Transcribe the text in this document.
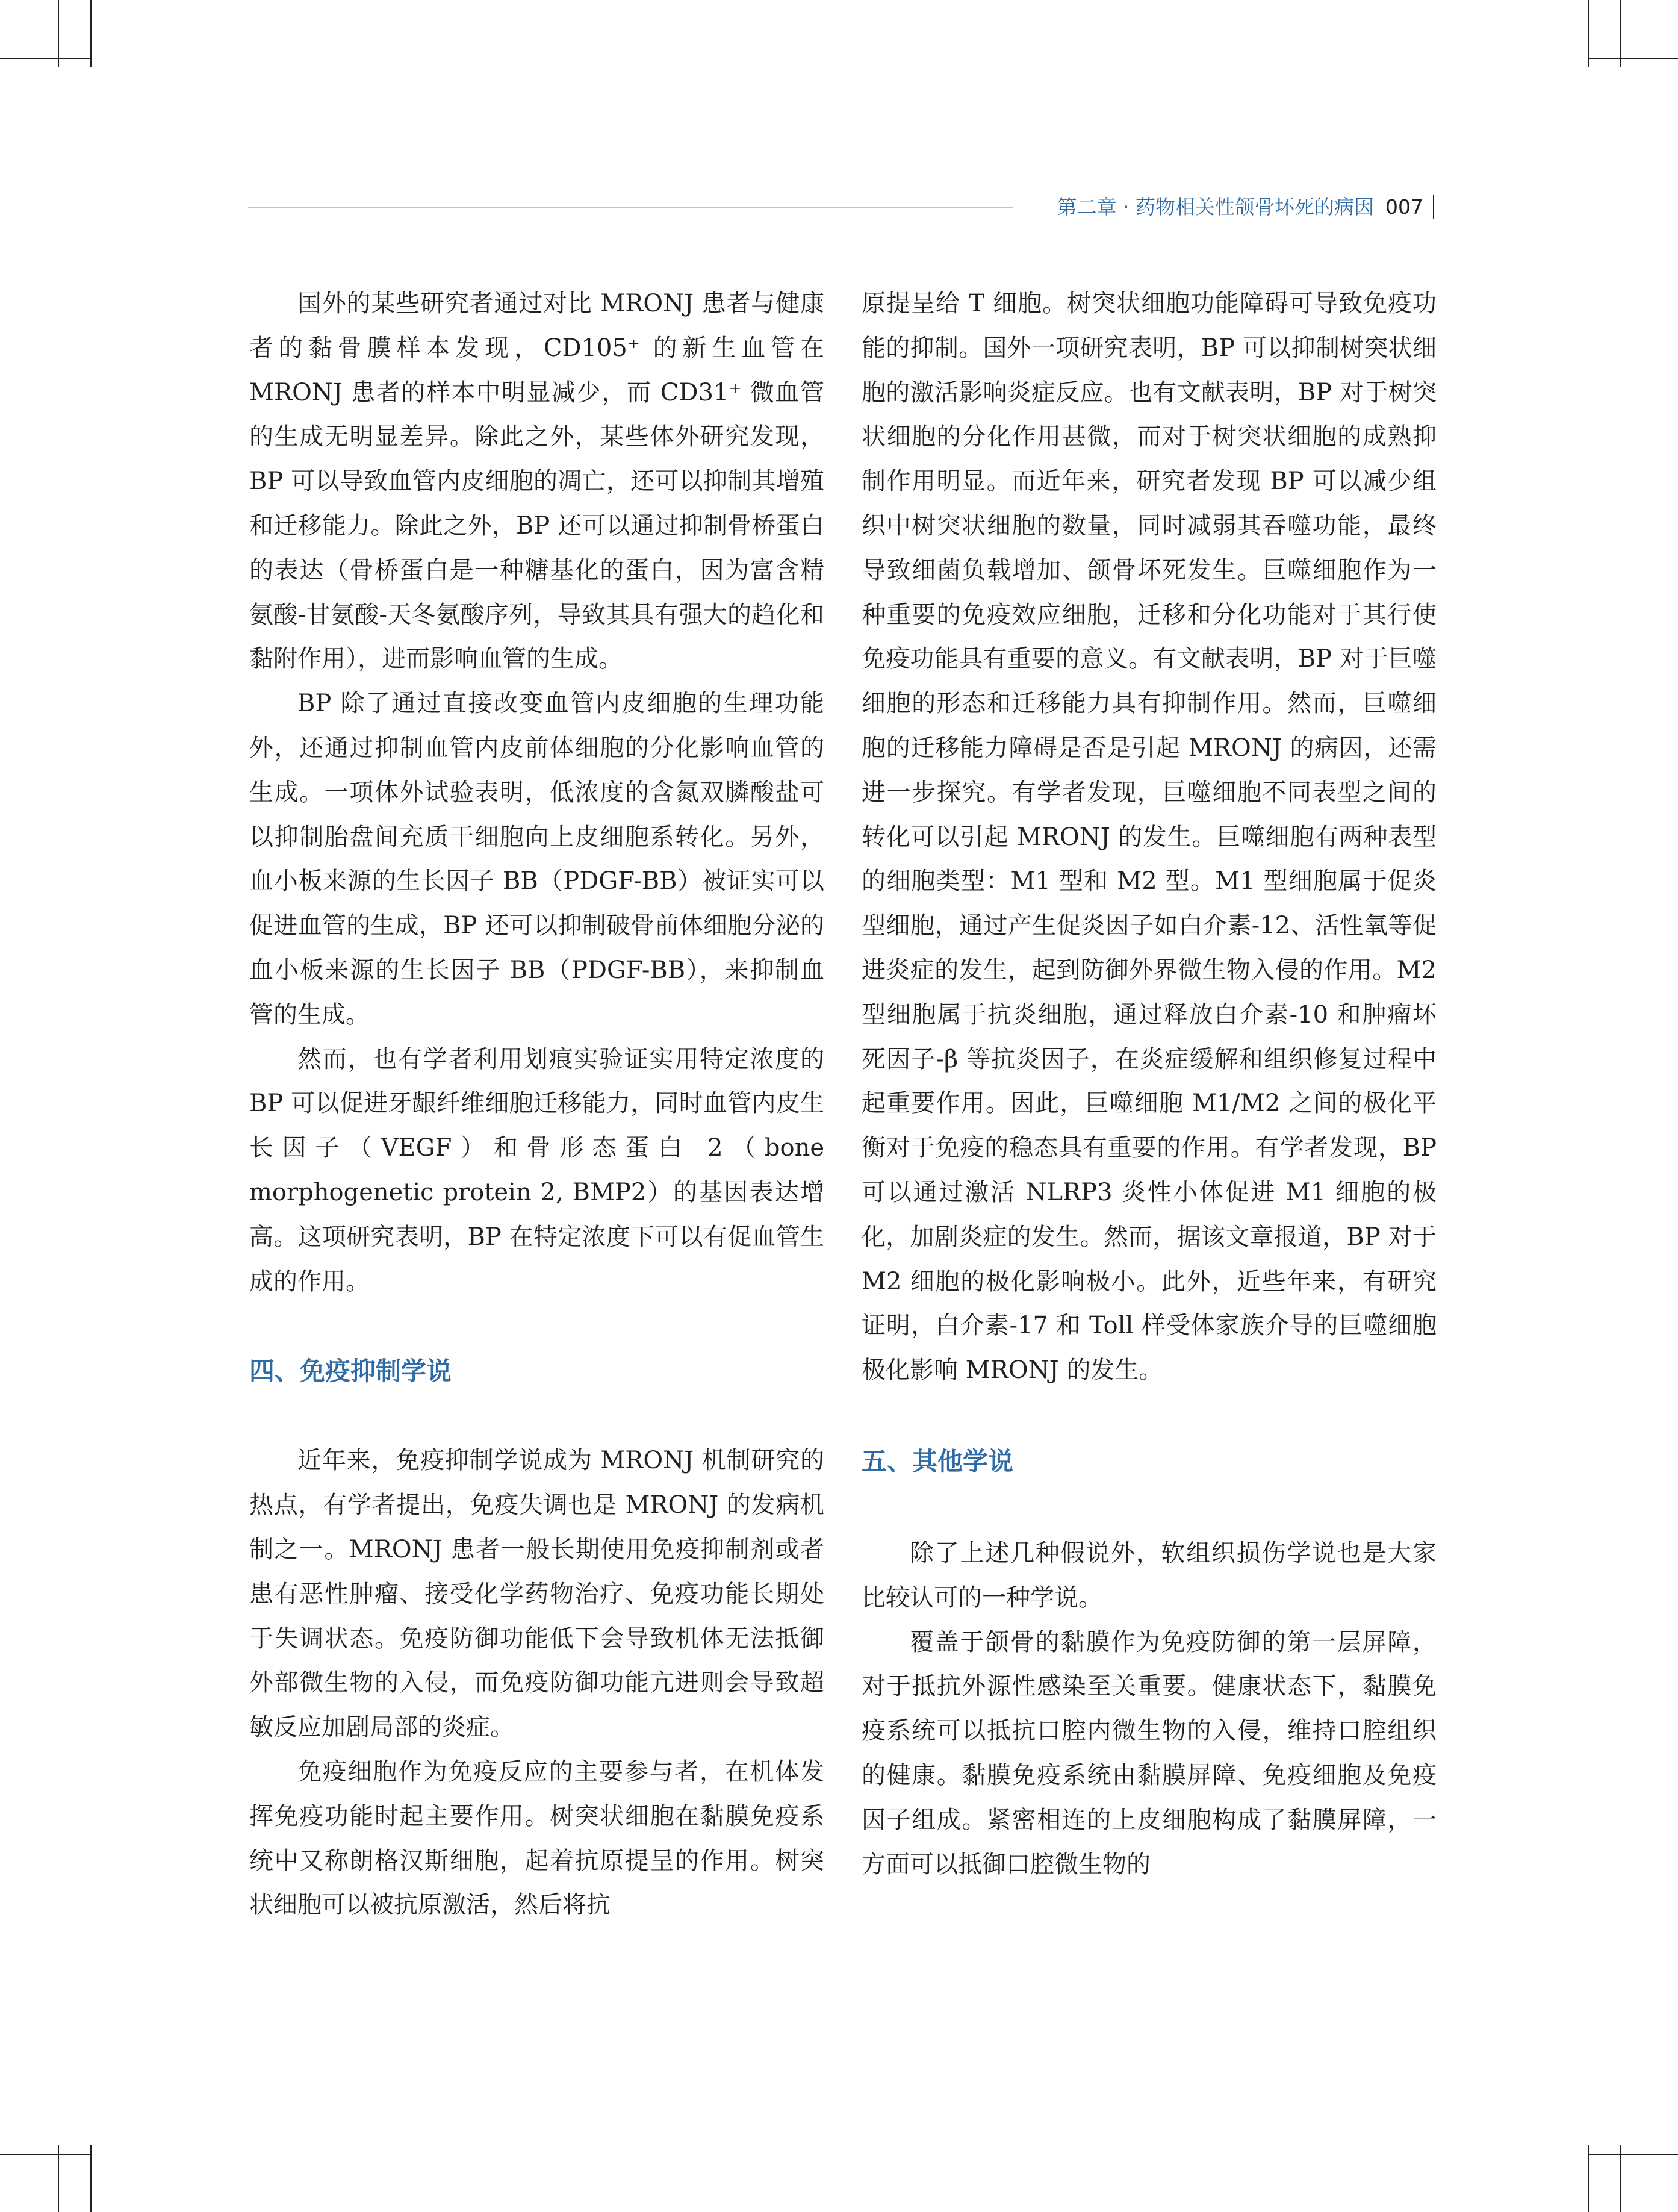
第二章 · 药物相关性颌骨坏死的病因 007

国外的某些研究者通过对比 MRONJ 患者与健康者的黏骨膜样本发现，CD105⁺ 的新生血管在 MRONJ 患者的样本中明显减少，而 CD31⁺ 微血管的生成无明显差异。除此之外，某些体外研究发现，BP 可以导致血管内皮细胞的凋亡，还可以抑制其增殖和迁移能力。除此之外，BP 还可以通过抑制骨桥蛋白的表达（骨桥蛋白是一种糖基化的蛋白，因为富含精氨酸-甘氨酸-天冬氨酸序列，导致其具有强大的趋化和黏附作用），进而影响血管的生成。

BP 除了通过直接改变血管内皮细胞的生理功能外，还通过抑制血管内皮前体细胞的分化影响血管的生成。一项体外试验表明，低浓度的含氮双膦酸盐可以抑制胎盘间充质干细胞向上皮细胞系转化。另外，血小板来源的生长因子 BB（PDGF-BB）被证实可以促进血管的生成，BP 还可以抑制破骨前体细胞分泌的血小板来源的生长因子 BB（PDGF-BB），来抑制血管的生成。

然而，也有学者利用划痕实验证实用特定浓度的 BP 可以促进牙龈纤维细胞迁移能力，同时血管内皮生长因子（VEGF）和骨形态蛋白 2（bone morphogenetic protein 2, BMP2）的基因表达增高。这项研究表明，BP 在特定浓度下可以有促血管生成的作用。

四、免疫抑制学说

近年来，免疫抑制学说成为 MRONJ 机制研究的热点，有学者提出，免疫失调也是 MRONJ 的发病机制之一。MRONJ 患者一般长期使用免疫抑制剂或者患有恶性肿瘤、接受化学药物治疗、免疫功能长期处于失调状态。免疫防御功能低下会导致机体无法抵御外部微生物的入侵，而免疫防御功能亢进则会导致超敏反应加剧局部的炎症。

免疫细胞作为免疫反应的主要参与者，在机体发挥免疫功能时起主要作用。树突状细胞在黏膜免疫系统中又称朗格汉斯细胞，起着抗原提呈的作用。树突状细胞可以被抗原激活，然后将抗

原提呈给 T 细胞。树突状细胞功能障碍可导致免疫功能的抑制。国外一项研究表明，BP 可以抑制树突状细胞的激活影响炎症反应。也有文献表明，BP 对于树突状细胞的分化作用甚微，而对于树突状细胞的成熟抑制作用明显。而近年来，研究者发现 BP 可以减少组织中树突状细胞的数量，同时减弱其吞噬功能，最终导致细菌负载增加、颌骨坏死发生。巨噬细胞作为一种重要的免疫效应细胞，迁移和分化功能对于其行使免疫功能具有重要的意义。有文献表明，BP 对于巨噬细胞的形态和迁移能力具有抑制作用。然而，巨噬细胞的迁移能力障碍是否是引起 MRONJ 的病因，还需进一步探究。有学者发现，巨噬细胞不同表型之间的转化可以引起 MRONJ 的发生。巨噬细胞有两种表型的细胞类型：M1 型和 M2 型。M1 型细胞属于促炎型细胞，通过产生促炎因子如白介素-12、活性氧等促进炎症的发生，起到防御外界微生物入侵的作用。M2 型细胞属于抗炎细胞，通过释放白介素-10 和肿瘤坏死因子-β 等抗炎因子，在炎症缓解和组织修复过程中起重要作用。因此，巨噬细胞 M1/M2 之间的极化平衡对于免疫的稳态具有重要的作用。有学者发现，BP 可以通过激活 NLRP3 炎性小体促进 M1 细胞的极化，加剧炎症的发生。然而，据该文章报道，BP 对于 M2 细胞的极化影响极小。此外，近些年来，有研究证明，白介素-17 和 Toll 样受体家族介导的巨噬细胞极化影响 MRONJ 的发生。

五、其他学说

除了上述几种假说外，软组织损伤学说也是大家比较认可的一种学说。

覆盖于颌骨的黏膜作为免疫防御的第一层屏障，对于抵抗外源性感染至关重要。健康状态下，黏膜免疫系统可以抵抗口腔内微生物的入侵，维持口腔组织的健康。黏膜免疫系统由黏膜屏障、免疫细胞及免疫因子组成。紧密相连的上皮细胞构成了黏膜屏障，一方面可以抵御口腔微生物的
